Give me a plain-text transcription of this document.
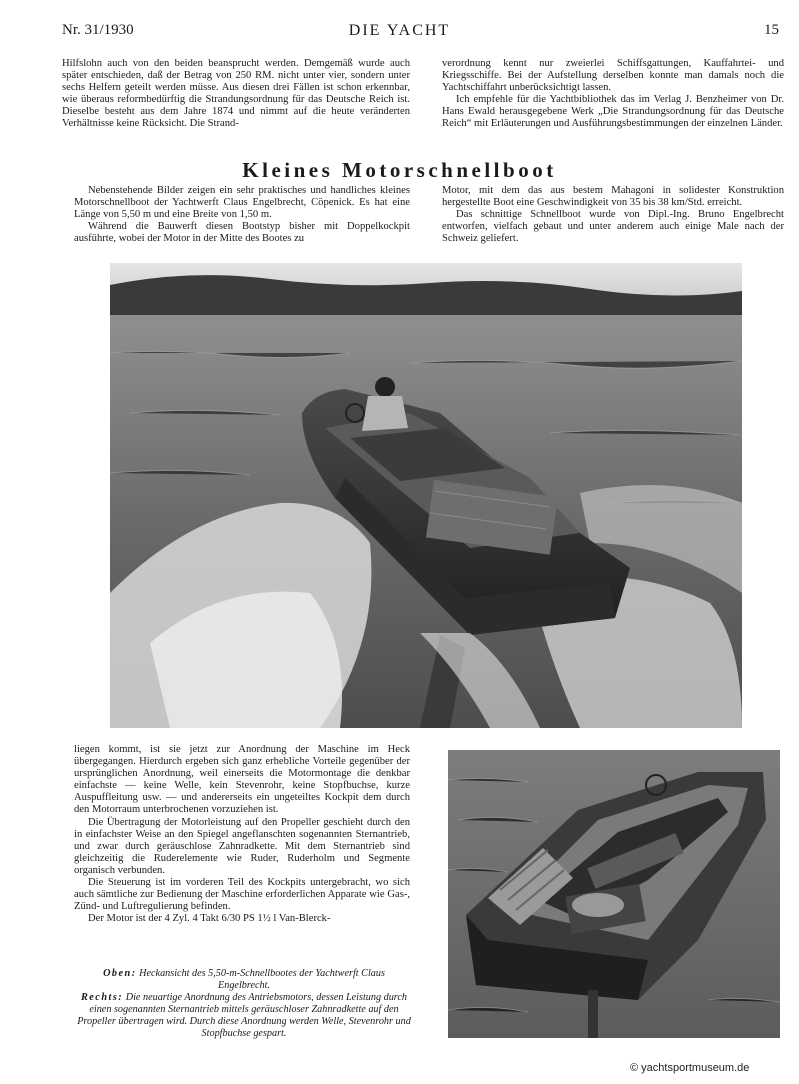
Nr. 31/1930	DIE YACHT	15

Hilfslohn auch von den beiden beansprucht werden. Demgemäß wurde auch später entschieden, daß der Betrag von 250 RM. nicht unter vier, sondern unter sechs Helfern geteilt werden müsse. Aus diesen drei Fällen ist schon erkennbar, wie überaus reformbedürftig die Strandungsordnung für das Deutsche Reich ist. Dieselbe besteht aus dem Jahre 1874 und nimmt auf die heute veränderten Verhältnisse keine Rücksicht. Die Strand-

verordnung kennt nur zweierlei Schiffsgattungen, Kauffahrtei- und Kriegsschiffe. Bei der Aufstellung derselben konnte man damals noch die Yachtschiffahrt unberücksichtigt lassen.

Ich empfehle für die Yachtbibliothek das im Verlag J. Benzheimer von Dr. Hans Ewald herausgegebene Werk „Die Strandungsordnung für das Deutsche Reich“ mit Erläuterungen und Ausführungsbestimmungen der einzelnen Länder.

Kleines Motorschnellboot

Nebenstehende Bilder zeigen ein sehr praktisches und handliches kleines Motorschnellboot der Yachtwerft Claus Engelbrecht, Cöpenick. Es hat eine Länge von 5,50 m und eine Breite von 1,50 m.

Während die Bauwerft diesen Bootstyp bisher mit Doppelkockpit ausführte, wobei der Motor in der Mitte des Bootes zu

Motor, mit dem das aus bestem Mahagoni in solidester Konstruktion hergestellte Boot eine Geschwindigkeit von 35 bis 38 km/Std. erreicht.

Das schnittige Schnellboot wurde von Dipl.-Ing. Bruno Engelbrecht entworfen, vielfach gebaut und unter anderem auch einige Male nach der Schweiz geliefert.

liegen kommt, ist sie jetzt zur Anordnung der Maschine im Heck übergegangen. Hierdurch ergeben sich ganz erhebliche Vorteile gegenüber der ursprünglichen Anordnung, weil einerseits die Motormontage die denkbar einfachste — keine Welle, kein Stevenrohr, keine Stopfbuchse, kurze Auspuffleitung usw. — und andererseits ein ungeteiltes Kockpit dem durch den Motorraum unterbrochenen vorzuziehen ist.

Die Übertragung der Motorleistung auf den Propeller geschieht durch den in einfachster Weise an den Spiegel angeflanschten sogenannten Sternantrieb, und zwar durch geräuschlose Zahnradkette. Mit dem Sternantrieb sind gleichzeitig die Ruderelemente wie Ruder, Ruderholm und Segmente organisch verbunden.

Die Steuerung ist im vorderen Teil des Kockpits untergebracht, wo sich auch sämtliche zur Bedienung der Maschine erforderlichen Apparate wie Gas-, Zünd- und Luftregulierung befinden.

Der Motor ist der 4 Zyl. 4 Takt 6/30 PS 1½ l Van-Blerck-

Oben: Heckansicht des 5,50-m-Schnellbootes der Yachtwerft Claus Engelbrecht.
Rechts: Die neuartige Anordnung des Antriebsmotors, dessen Leistung durch einen sogenannten Sternantrieb mittels geräuschloser Zahnradkette auf den Propeller übertragen wird. Durch diese Anordnung werden Welle, Stevenrohr und Stopfbuchse gespart.
© yachtsportmuseum.de
